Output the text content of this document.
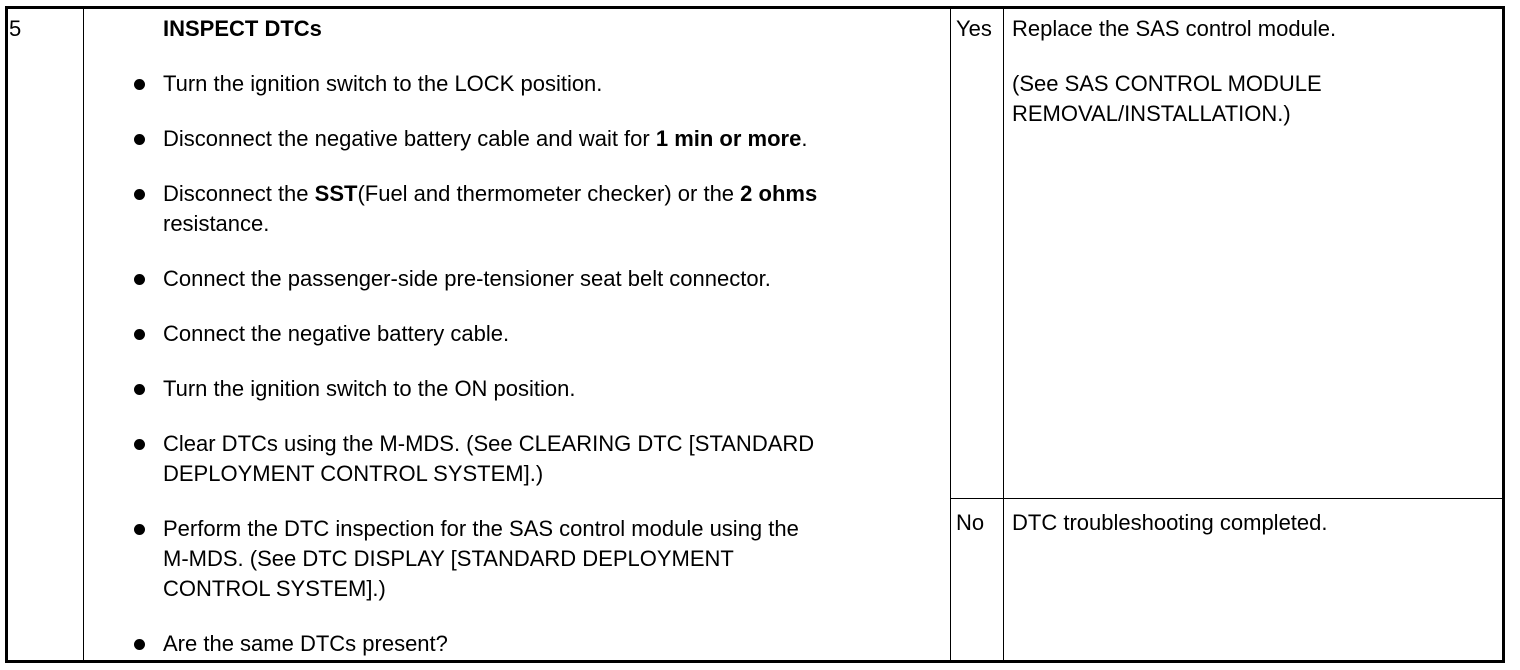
5	INSPECT DTCs
Turn the ignition switch to the LOCK position.
Disconnect the negative battery cable and wait for 1 min or more.
Disconnect the SST(Fuel and thermometer checker) or the 2 ohms
resistance.
Connect the passenger-side pre-tensioner seat belt connector.
Connect the negative battery cable.
Turn the ignition switch to the ON position.
Clear DTCs using the M-MDS. (See CLEARING DTC [STANDARD
DEPLOYMENT CONTROL SYSTEM].)
Perform the DTC inspection for the SAS control module using the
M-MDS. (See DTC DISPLAY [STANDARD DEPLOYMENT
CONTROL SYSTEM].)
Are the same DTCs present?
Yes Replace the SAS control module.
(See SAS CONTROL MODULE
REMOVAL/INSTALLATION.)
No DTC troubleshooting completed.
